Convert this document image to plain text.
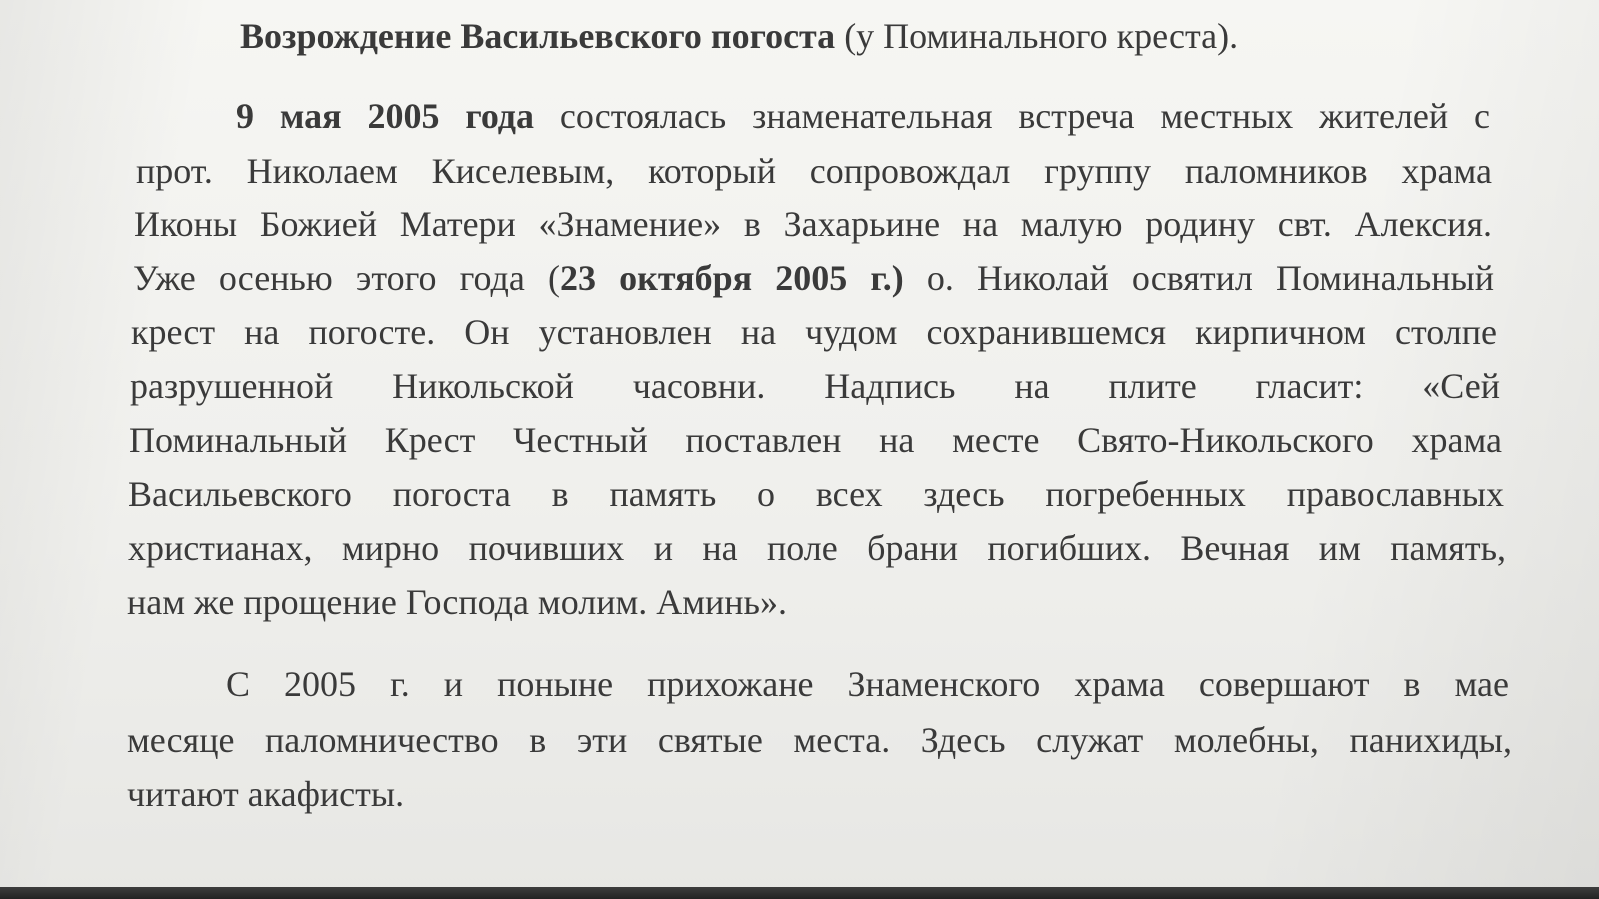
Возрождение Васильевского погоста (у Поминального креста).

9 мая 2005 года состоялась знаменательная встреча местных жителей с

прот. Николаем Киселевым, который сопровождал группу паломников храма

Иконы Божией Матери «Знамение» в Захарьине на малую родину свт. Алексия.

Уже осенью этого года (23 октября 2005 г.) о. Николай освятил Поминальный

крест на погосте. Он установлен на чудом сохранившемся кирпичном столпе

разрушенной Никольской часовни. Надпись на плите гласит: «Сей

Поминальный Крест Честный поставлен на месте Свято-Никольского храма

Васильевского погоста в память о всех здесь погребенных православных

христианах, мирно почивших и на поле брани погибших. Вечная им память,

нам же прощение Господа молим. Аминь».

С 2005 г. и поныне прихожане Знаменского храма совершают в мае

месяце паломничество в эти святые места. Здесь служат молебны, панихиды,

читают акафисты.
